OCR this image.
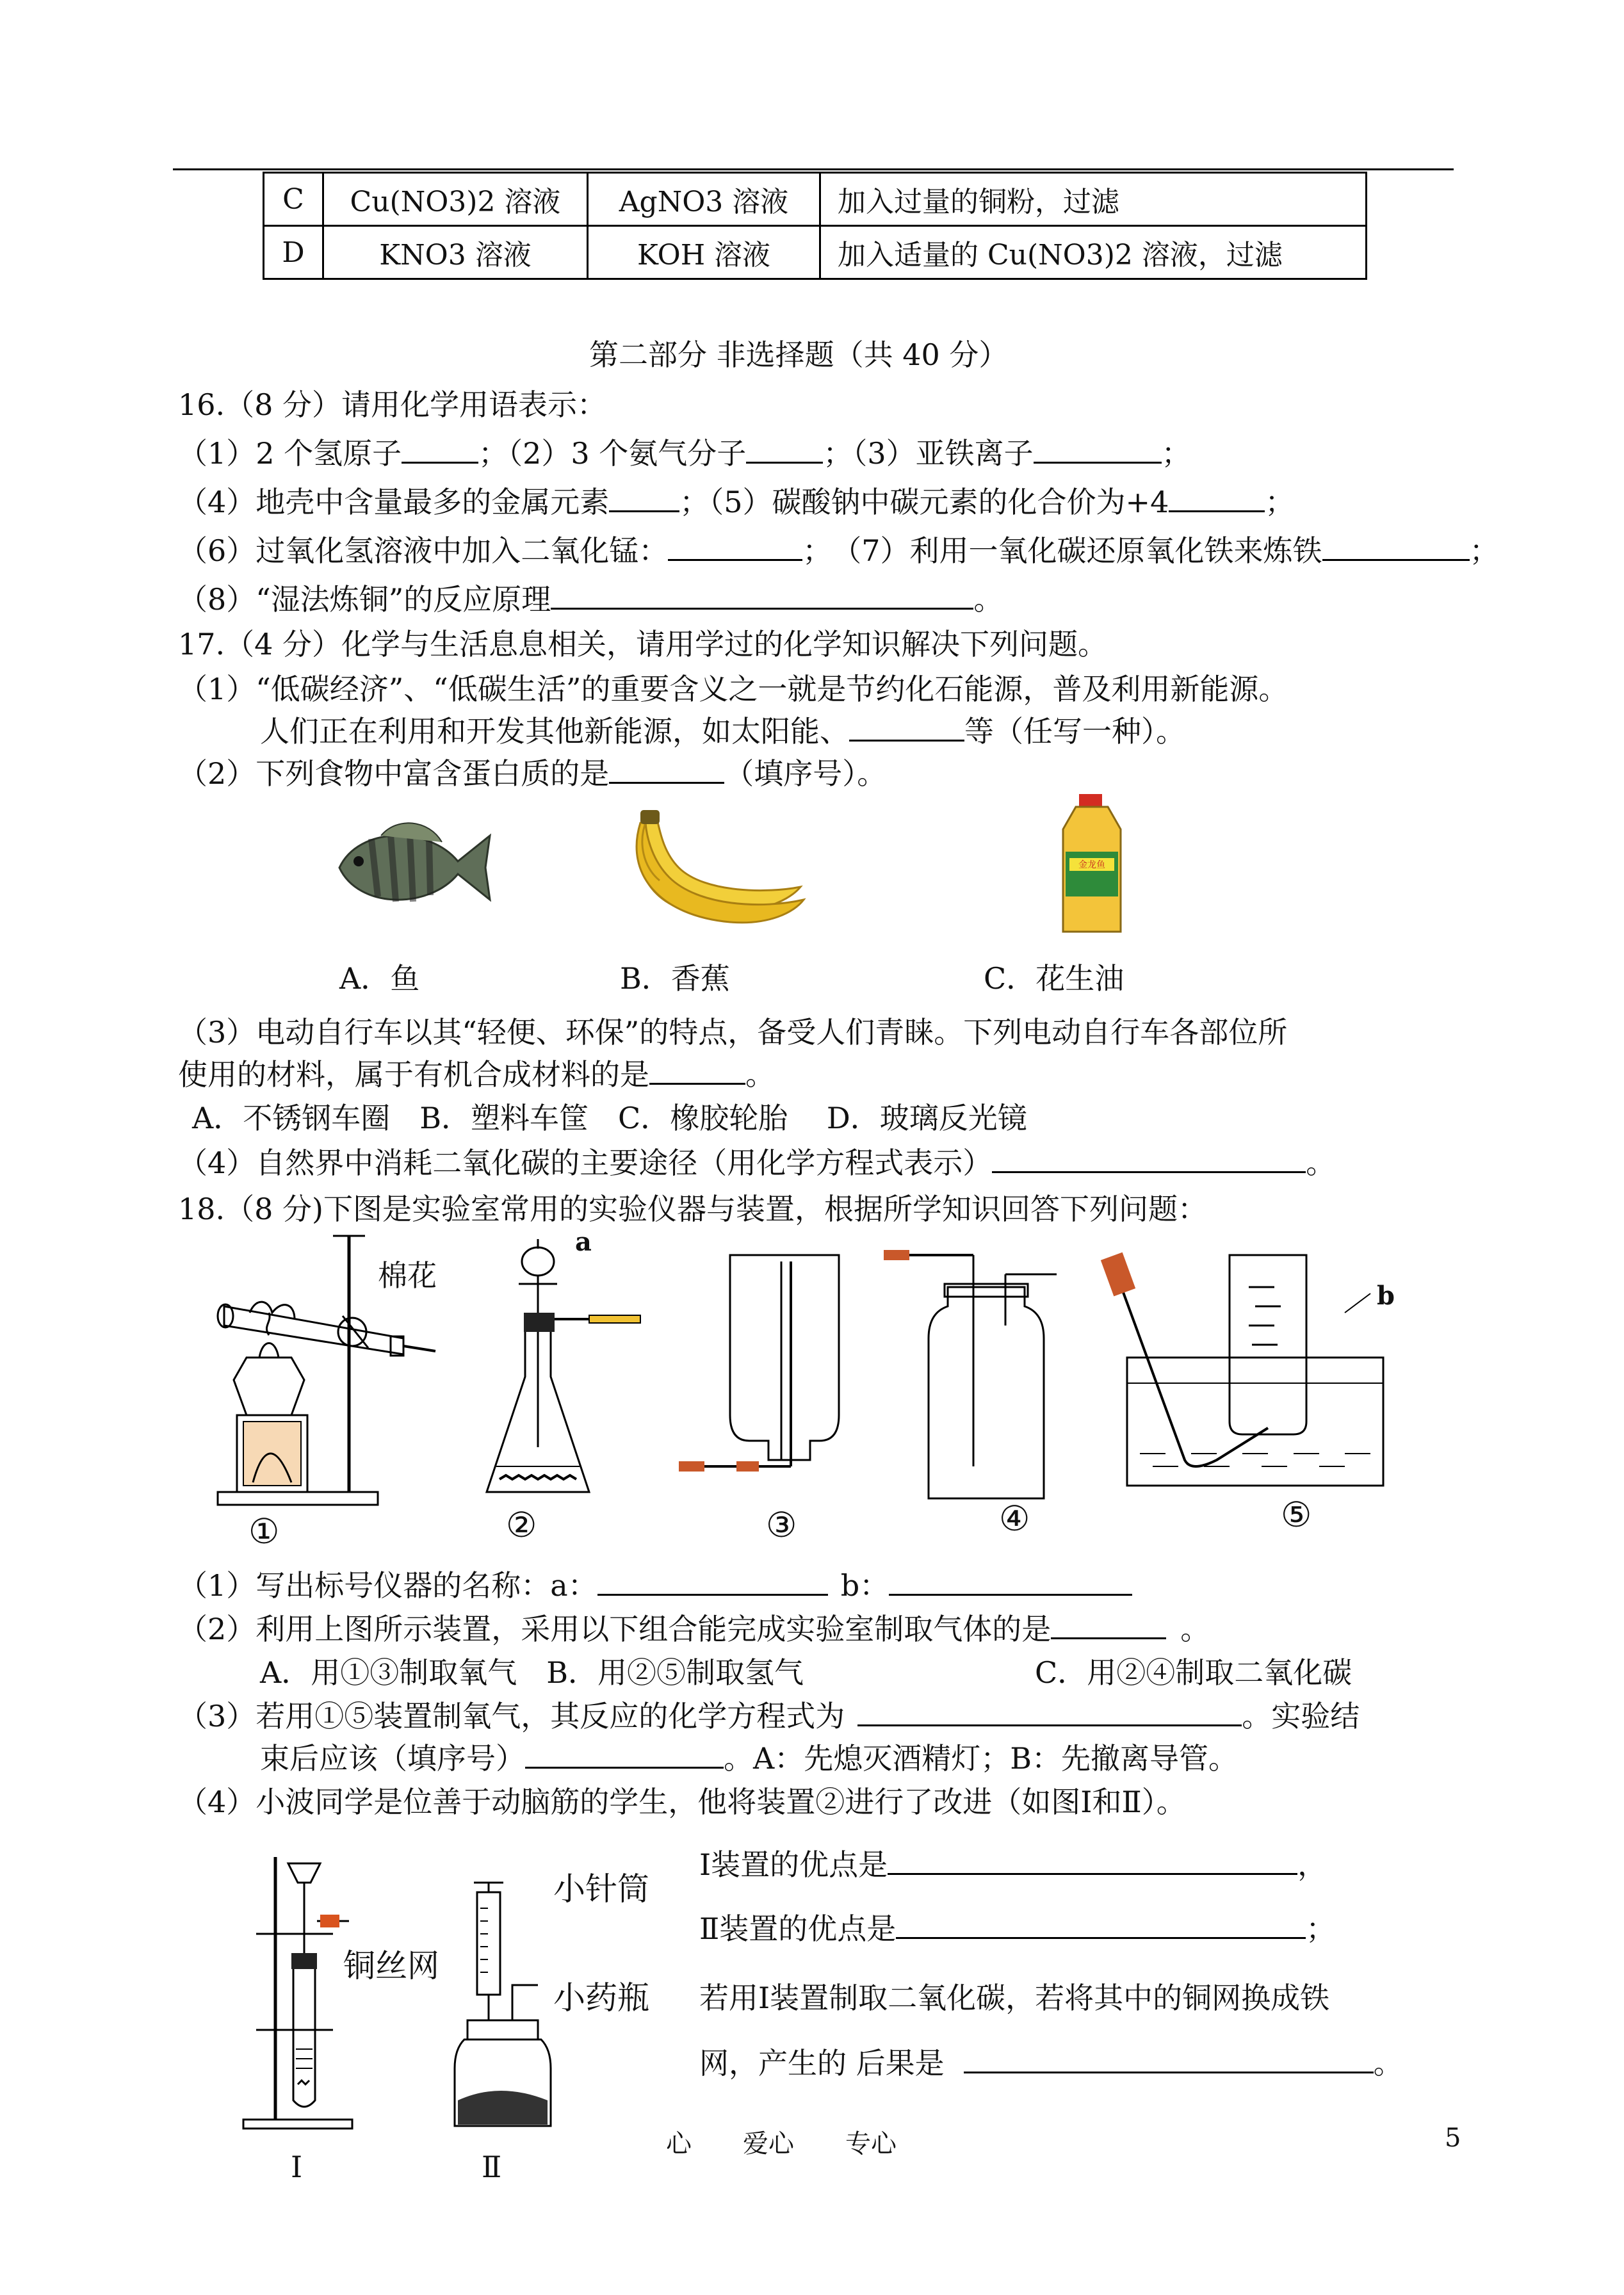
C	Cu(NO3)2 溶液	AgNO3 溶液	加入过量的铜粉，过滤
D	KNO3 溶液	KOH 溶液	加入适量的 Cu(NO3)2 溶液，过滤
第二部分 非选择题（共 40 分）
16.（8 分）请用化学用语表示：
（1）2 个氢原子	；（2）3 个氨气分子	；（3）亚铁离子	；
（4）地壳中含量最多的金属元素 ；（5）碳酸钠中碳元素的化合价为+4	；
（6）过氧化氢溶液中加入二氧化锰：	；　（7）利用一氧化碳还原氧化铁来炼铁	；
（8）“湿法炼铜”的反应原理	。
17.（4 分）化学与生活息息相关，请用学过的化学知识解决下列问题。
（1）“低碳经济”、“低碳生活”的重要含义之一就是节约化石能源，普及利用新能源。
人们正在利用和开发其他新能源，如太阳能、	等（任写一种）。
（2）下列食物中富含蛋白质的是	（填序号）。
金龙鱼
A．鱼	B．香蕉	C．花生油
（3）电动自行车以其“轻便、环保”的特点，备受人们青睐。下列电动自行车各部位所
使用的材料，属于有机合成材料的是	。
A．不锈钢车圈　B．塑料车筐　C．橡胶轮胎　 D．玻璃反光镜
（4）自然界中消耗二氧化碳的主要途径（用化学方程式表示）	。
18.（8 分)下图是实验室常用的实验仪器与装置，根据所学知识回答下列问题：
棉花
a
b
①	②	③	④	⑤
（1）写出标号仪器的名称：a：	b：
（2）利用上图所示装置，采用以下组合能完成实验室制取气体的是	。
A．用①③制取氧气　B．用②⑤制取氢气	C．用②④制取二氧化碳
（3）若用①⑤装置制氧气，其反应的化学方程式为	。实验结
束后应该（填序号）	。A：先熄灭酒精灯；B：先撤离导管。
（4）小波同学是位善于动脑筋的学生，他将装置②进行了改进（如图Ⅰ和Ⅱ）。
铜丝网
Ⅰ
小针筒
小药瓶
Ⅱ
Ⅰ装置的优点是	，
Ⅱ装置的优点是	；
若用Ⅰ装置制取二氧化碳，若将其中的铜网换成铁
网，产生的 后果是	。
心　　爱心　　专心	5
